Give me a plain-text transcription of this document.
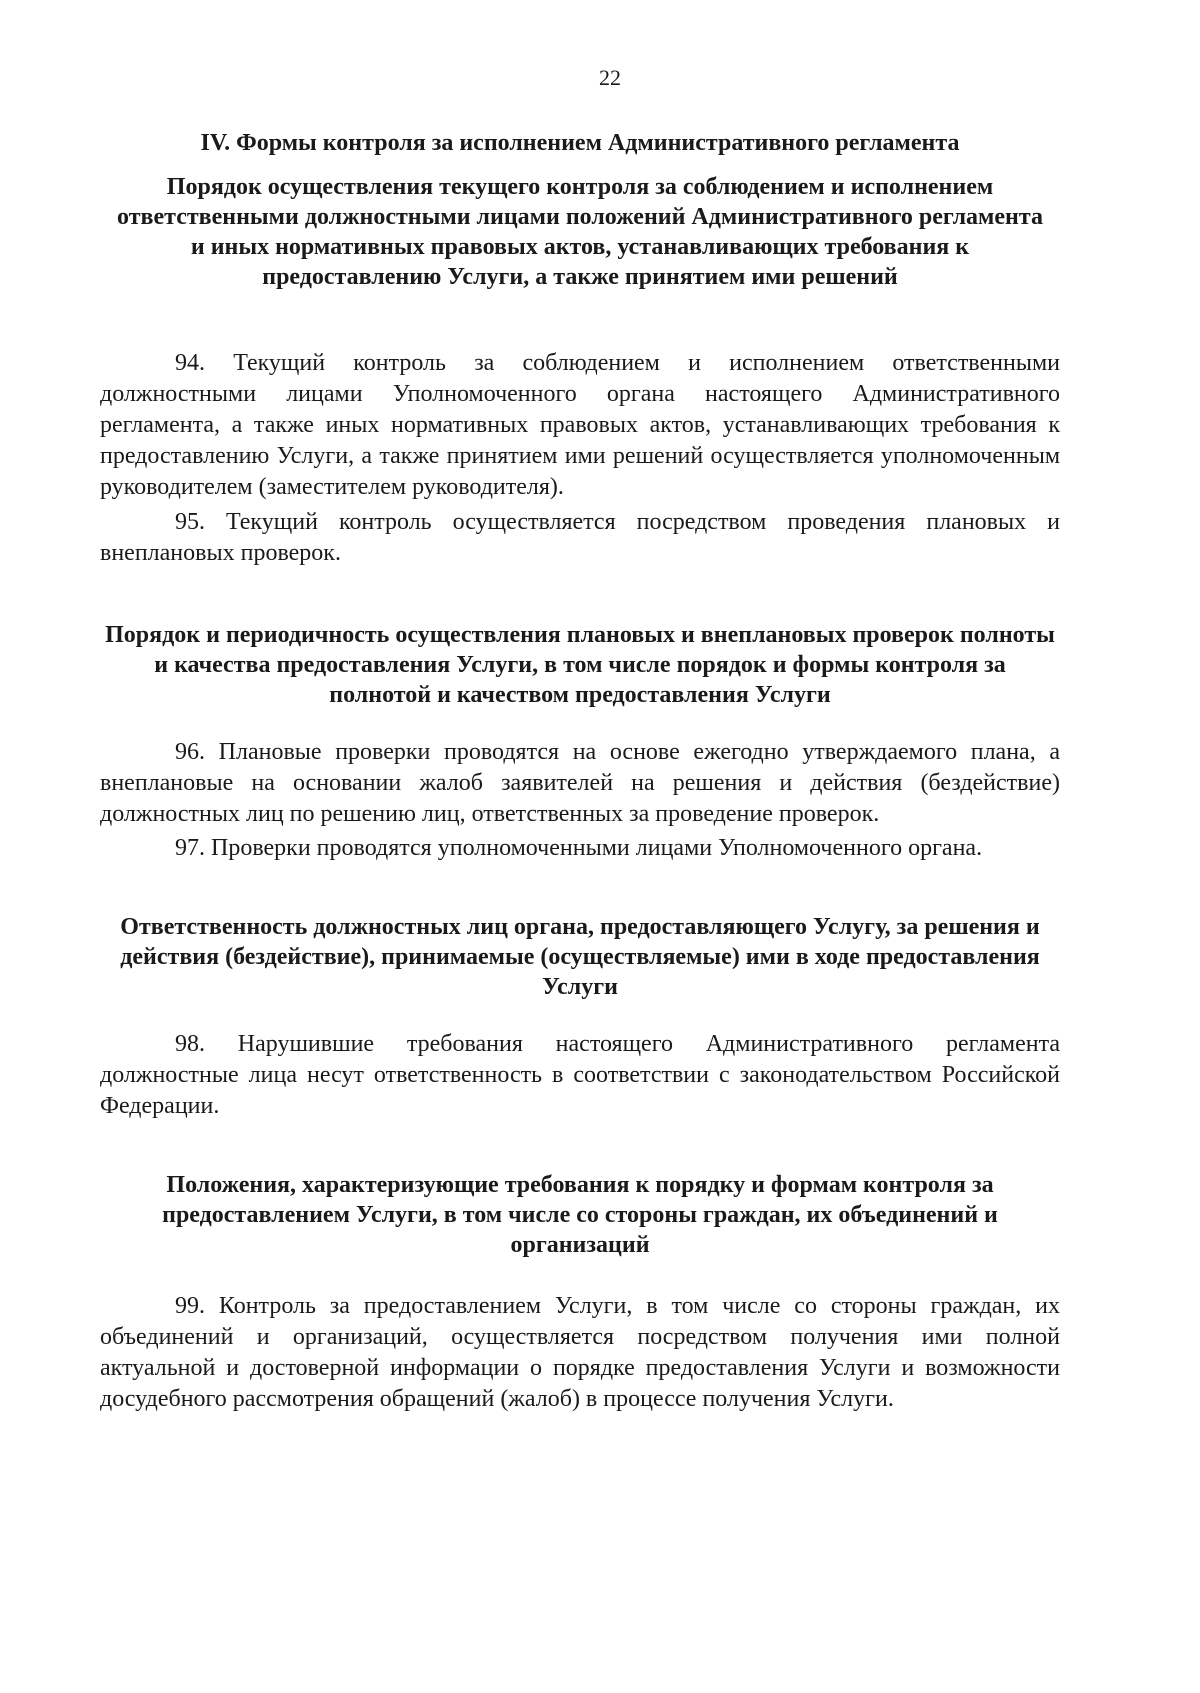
22
IV. Формы контроля за исполнением Административного регламента
Порядок осуществления текущего контроля за соблюдением и исполнением ответственными должностными лицами положений Административного регламента и иных нормативных правовых актов, устанавливающих требования к предоставлению Услуги, а также принятием ими решений
94. Текущий контроль за соблюдением и исполнением ответственными должностными лицами Уполномоченного органа настоящего Административного регламента, а также иных нормативных правовых актов, устанавливающих требования к предоставлению Услуги, а также принятием ими решений осуществляется уполномоченным руководителем (заместителем руководителя).
95. Текущий контроль осуществляется посредством проведения плановых и внеплановых проверок.
Порядок и периодичность осуществления плановых и внеплановых проверок полноты и качества предоставления Услуги, в том числе порядок и формы контроля за полнотой и качеством предоставления Услуги
96. Плановые проверки проводятся на основе ежегодно утверждаемого плана, а внеплановые на основании жалоб заявителей на решения и действия (бездействие) должностных лиц по решению лиц, ответственных за проведение проверок.
97. Проверки проводятся уполномоченными лицами Уполномоченного органа.
Ответственность должностных лиц органа, предоставляющего Услугу, за решения и действия (бездействие), принимаемые (осуществляемые) ими в ходе предоставления Услуги
98. Нарушившие требования настоящего Административного регламента должностные лица несут ответственность в соответствии с законодательством Российской Федерации.
Положения, характеризующие требования к порядку и формам контроля за предоставлением Услуги, в том числе со стороны граждан, их объединений и организаций
99. Контроль за предоставлением Услуги, в том числе со стороны граждан, их объединений и организаций, осуществляется посредством получения ими полной актуальной и достоверной информации о порядке предоставления Услуги и возможности досудебного рассмотрения обращений (жалоб) в процессе получения Услуги.
